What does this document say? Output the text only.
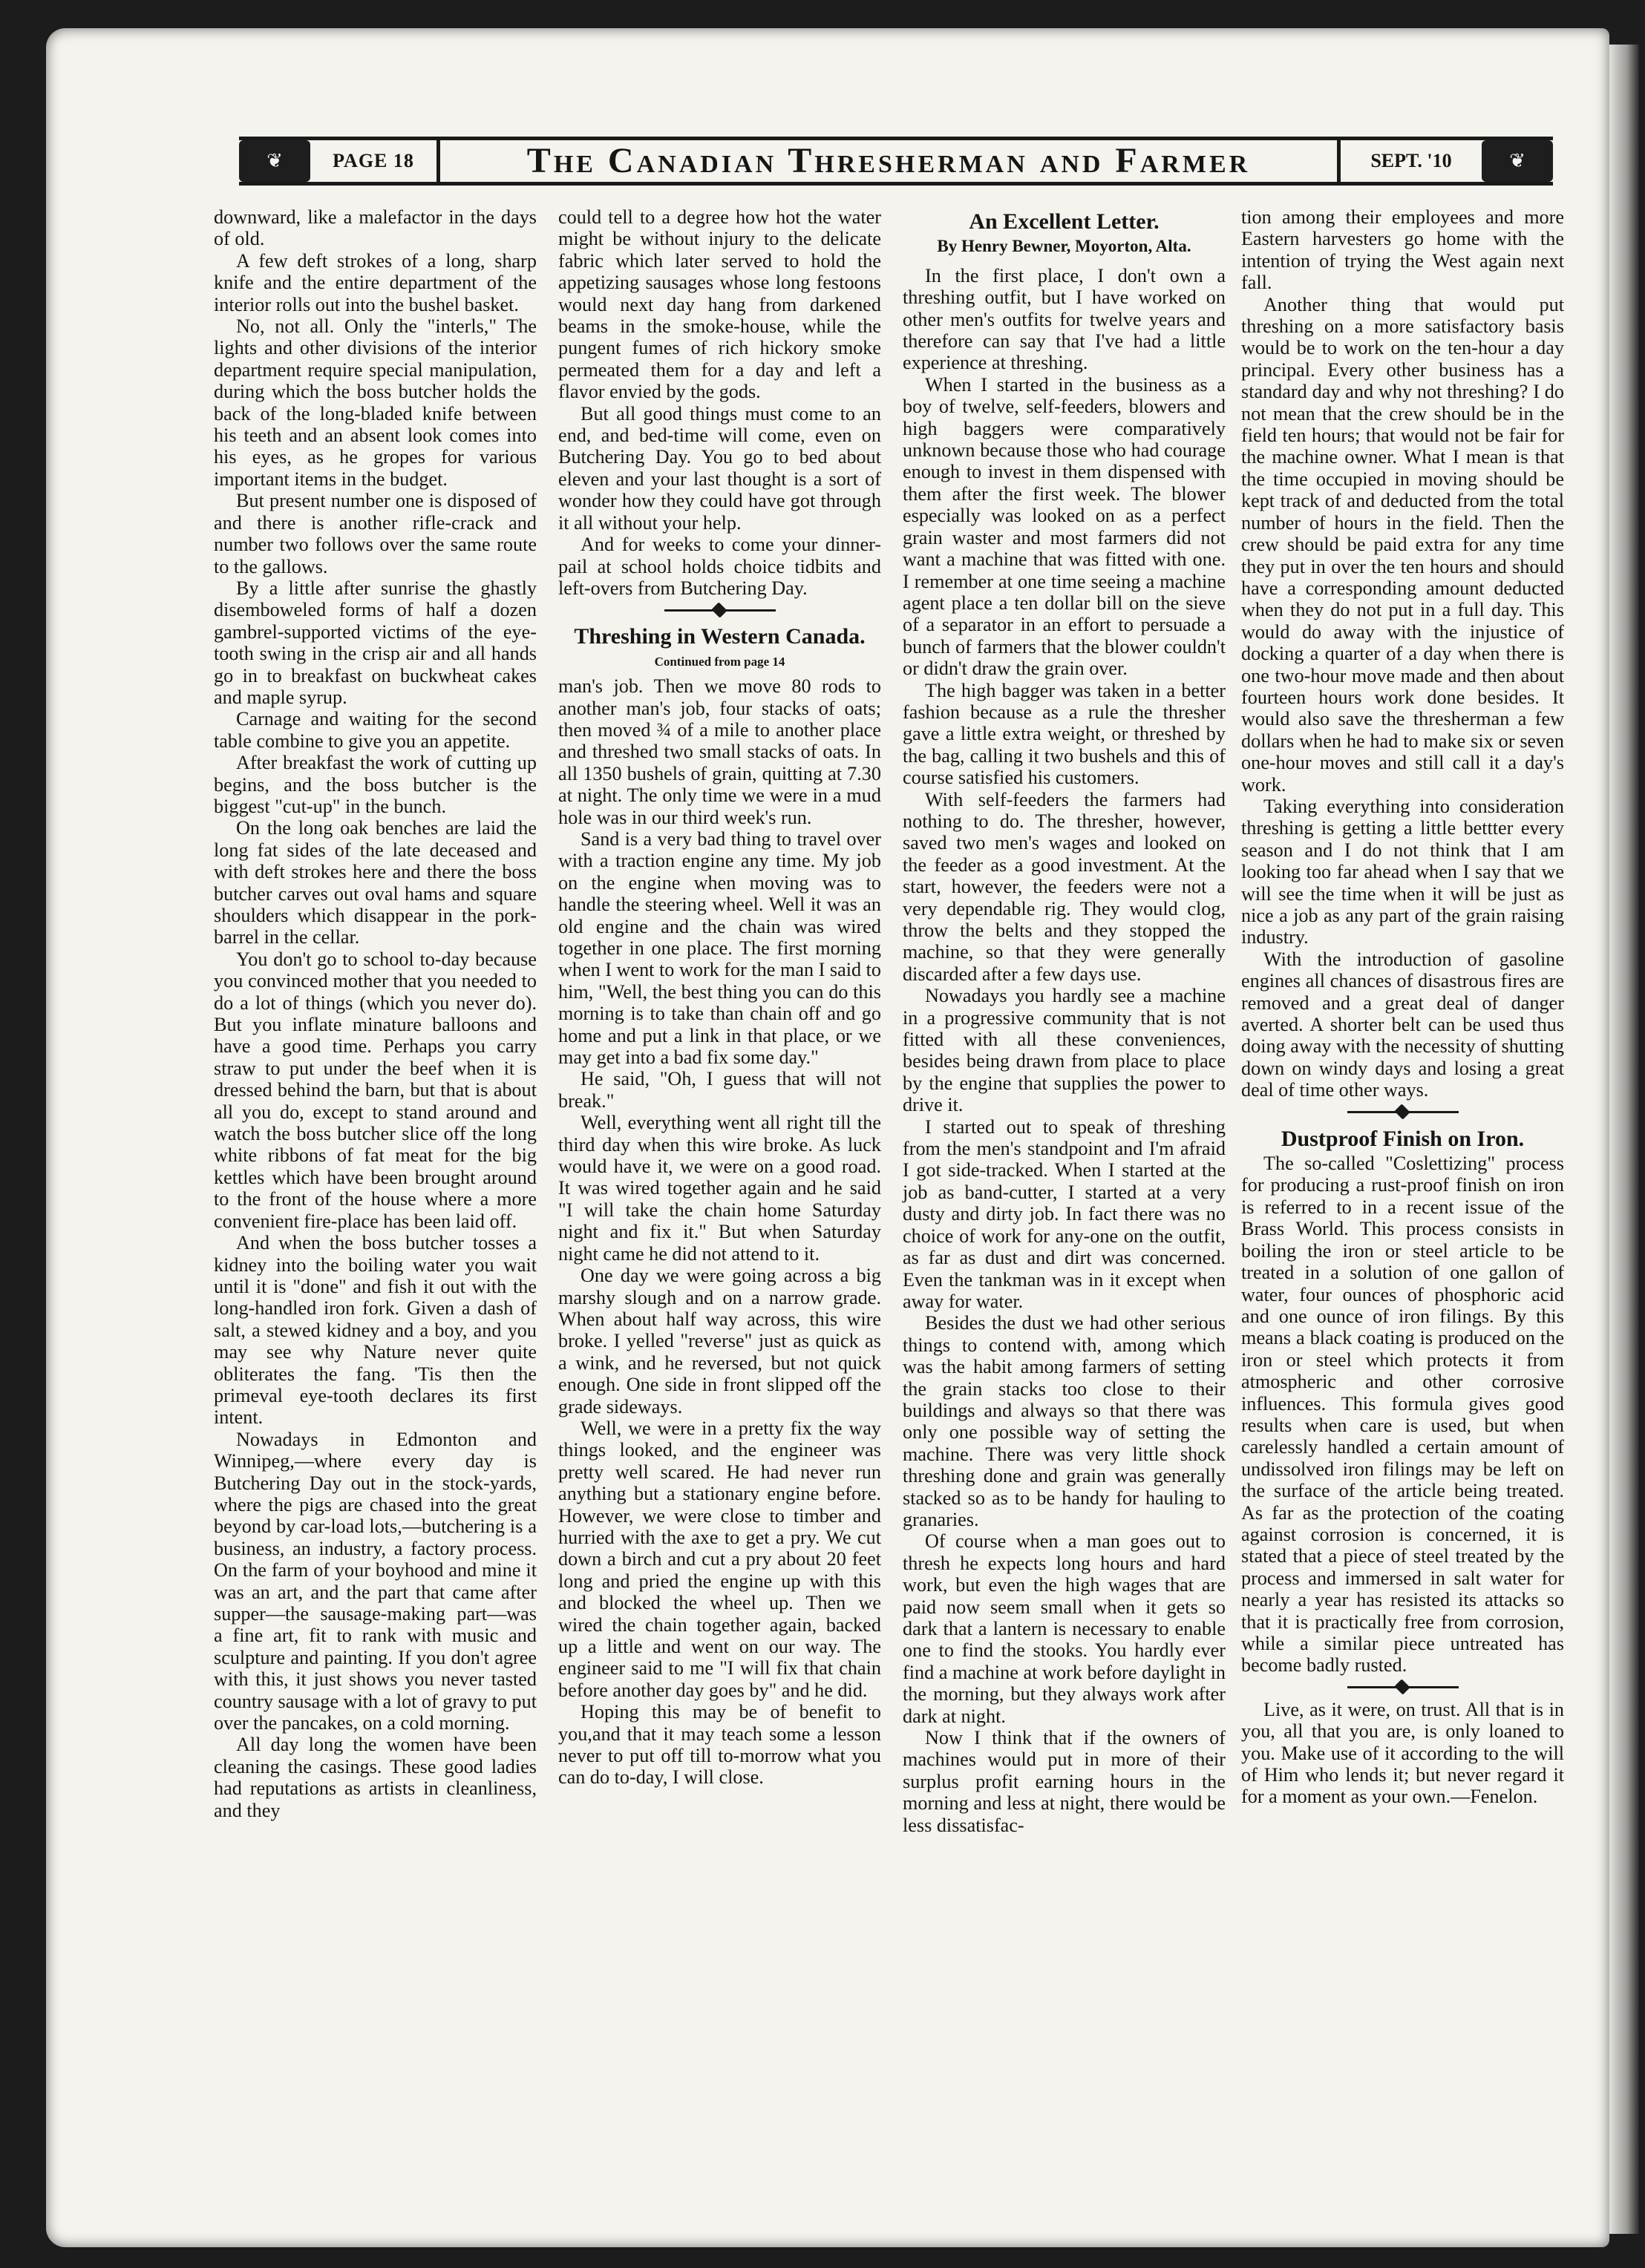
❦	PAGE 18	The Canadian Thresherman and Farmer	SEPT. '10	❦

downward, like a malefactor in the days of old.

A few deft strokes of a long, sharp knife and the entire department of the interior rolls out into the bushel basket.

No, not all. Only the "interls," The lights and other divisions of the interior department require special manipulation, during which the boss butcher holds the back of the long-bladed knife between his teeth and an absent look comes into his eyes, as he gropes for various important items in the budget.

But present number one is disposed of and there is another rifle-crack and number two follows over the same route to the gallows.

By a little after sunrise the ghastly disemboweled forms of half a dozen gambrel-supported victims of the eye-tooth swing in the crisp air and all hands go in to breakfast on buckwheat cakes and maple syrup.

Carnage and waiting for the second table combine to give you an appetite.

After breakfast the work of cutting up begins, and the boss butcher is the biggest "cut-up" in the bunch.

On the long oak benches are laid the long fat sides of the late deceased and with deft strokes here and there the boss butcher carves out oval hams and square shoulders which disappear in the pork-barrel in the cellar.

You don't go to school to-day because you convinced mother that you needed to do a lot of things (which you never do). But you inflate minature balloons and have a good time. Perhaps you carry straw to put under the beef when it is dressed behind the barn, but that is about all you do, except to stand around and watch the boss butcher slice off the long white ribbons of fat meat for the big kettles which have been brought around to the front of the house where a more convenient fire-place has been laid off.

And when the boss butcher tosses a kidney into the boiling water you wait until it is "done" and fish it out with the long-handled iron fork. Given a dash of salt, a stewed kidney and a boy, and you may see why Nature never quite obliterates the fang. 'Tis then the primeval eye-tooth declares its first intent.

Nowadays in Edmonton and Winnipeg,—where every day is Butchering Day out in the stock-yards, where the pigs are chased into the great beyond by car-load lots,—butchering is a business, an industry, a factory process. On the farm of your boyhood and mine it was an art, and the part that came after supper—the sausage-making part—was a fine art, fit to rank with music and sculpture and painting. If you don't agree with this, it just shows you never tasted country sausage with a lot of gravy to put over the pancakes, on a cold morning.

All day long the women have been cleaning the casings. These good ladies had reputations as artists in cleanliness, and they

could tell to a degree how hot the water might be without injury to the delicate fabric which later served to hold the appetizing sausages whose long festoons would next day hang from darkened beams in the smoke-house, while the pungent fumes of rich hickory smoke permeated them for a day and left a flavor envied by the gods.

But all good things must come to an end, and bed-time will come, even on Butchering Day. You go to bed about eleven and your last thought is a sort of wonder how they could have got through it all without your help.

And for weeks to come your dinner-pail at school holds choice tidbits and left-overs from Butchering Day.

Threshing in Western Canada.
Continued from page 14

man's job. Then we move 80 rods to another man's job, four stacks of oats; then moved ¾ of a mile to another place and threshed two small stacks of oats. In all 1350 bushels of grain, quitting at 7.30 at night. The only time we were in a mud hole was in our third week's run.

Sand is a very bad thing to travel over with a traction engine any time. My job on the engine when moving was to handle the steering wheel. Well it was an old engine and the chain was wired together in one place. The first morning when I went to work for the man I said to him, "Well, the best thing you can do this morning is to take than chain off and go home and put a link in that place, or we may get into a bad fix some day."

He said, "Oh, I guess that will not break."

Well, everything went all right till the third day when this wire broke. As luck would have it, we were on a good road. It was wired together again and he said "I will take the chain home Saturday night and fix it." But when Saturday night came he did not attend to it.

One day we were going across a big marshy slough and on a narrow grade. When about half way across, this wire broke. I yelled "reverse" just as quick as a wink, and he reversed, but not quick enough. One side in front slipped off the grade sideways.

Well, we were in a pretty fix the way things looked, and the engineer was pretty well scared. He had never run anything but a stationary engine before. However, we were close to timber and hurried with the axe to get a pry. We cut down a birch and cut a pry about 20 feet long and pried the engine up with this and blocked the wheel up. Then we wired the chain together again, backed up a little and went on our way. The engineer said to me "I will fix that chain before another day goes by" and he did.

Hoping this may be of benefit to you,and that it may teach some a lesson never to put off till to-morrow what you can do to-day, I will close.

An Excellent Letter.
By Henry Bewner, Moyorton, Alta.

In the first place, I don't own a threshing outfit, but I have worked on other men's outfits for twelve years and therefore can say that I've had a little experience at threshing.

When I started in the business as a boy of twelve, self-feeders, blowers and high baggers were comparatively unknown because those who had courage enough to invest in them dispensed with them after the first week. The blower especially was looked on as a perfect grain waster and most farmers did not want a machine that was fitted with one. I remember at one time seeing a machine agent place a ten dollar bill on the sieve of a separator in an effort to persuade a bunch of farmers that the blower couldn't or didn't draw the grain over.

The high bagger was taken in a better fashion because as a rule the thresher gave a little extra weight, or threshed by the bag, calling it two bushels and this of course satisfied his customers.

With self-feeders the farmers had nothing to do. The thresher, however, saved two men's wages and looked on the feeder as a good investment. At the start, however, the feeders were not a very dependable rig. They would clog, throw the belts and they stopped the machine, so that they were generally discarded after a few days use.

Nowadays you hardly see a machine in a progressive community that is not fitted with all these conveniences, besides being drawn from place to place by the engine that supplies the power to drive it.

I started out to speak of threshing from the men's standpoint and I'm afraid I got side-tracked. When I started at the job as band-cutter, I started at a very dusty and dirty job. In fact there was no choice of work for any-one on the outfit, as far as dust and dirt was concerned. Even the tankman was in it except when away for water.

Besides the dust we had other serious things to contend with, among which was the habit among farmers of setting the grain stacks too close to their buildings and always so that there was only one possible way of setting the machine. There was very little shock threshing done and grain was generally stacked so as to be handy for hauling to granaries.

Of course when a man goes out to thresh he expects long hours and hard work, but even the high wages that are paid now seem small when it gets so dark that a lantern is necessary to enable one to find the stooks. You hardly ever find a machine at work before daylight in the morning, but they always work after dark at night.

Now I think that if the owners of machines would put in more of their surplus profit earning hours in the morning and less at night, there would be less dissatisfac-

tion among their employees and more Eastern harvesters go home with the intention of trying the West again next fall.

Another thing that would put threshing on a more satisfactory basis would be to work on the ten-hour a day principal. Every other business has a standard day and why not threshing? I do not mean that the crew should be in the field ten hours; that would not be fair for the machine owner. What I mean is that the time occupied in moving should be kept track of and deducted from the total number of hours in the field. Then the crew should be paid extra for any time they put in over the ten hours and should have a corresponding amount deducted when they do not put in a full day. This would do away with the injustice of docking a quarter of a day when there is one two-hour move made and then about fourteen hours work done besides. It would also save the thresherman a few dollars when he had to make six or seven one-hour moves and still call it a day's work.

Taking everything into consideration threshing is getting a little bettter every season and I do not think that I am looking too far ahead when I say that we will see the time when it will be just as nice a job as any part of the grain raising industry.

With the introduction of gasoline engines all chances of disastrous fires are removed and a great deal of danger averted. A shorter belt can be used thus doing away with the necessity of shutting down on windy days and losing a great deal of time other ways.

Dustproof Finish on Iron.

The so-called "Coslettizing" process for producing a rust-proof finish on iron is referred to in a recent issue of the Brass World. This process consists in boiling the iron or steel article to be treated in a solution of one gallon of water, four ounces of phosphoric acid and one ounce of iron filings. By this means a black coating is produced on the iron or steel which protects it from atmospheric and other corrosive influences. This formula gives good results when care is used, but when carelessly handled a certain amount of undissolved iron filings may be left on the surface of the article being treated. As far as the protection of the coating against corrosion is concerned, it is stated that a piece of steel treated by the process and immersed in salt water for nearly a year has resisted its attacks so that it is practically free from corrosion, while a similar piece untreated has become badly rusted.

Live, as it were, on trust. All that is in you, all that you are, is only loaned to you. Make use of it according to the will of Him who lends it; but never regard it for a moment as your own.—Fenelon.
